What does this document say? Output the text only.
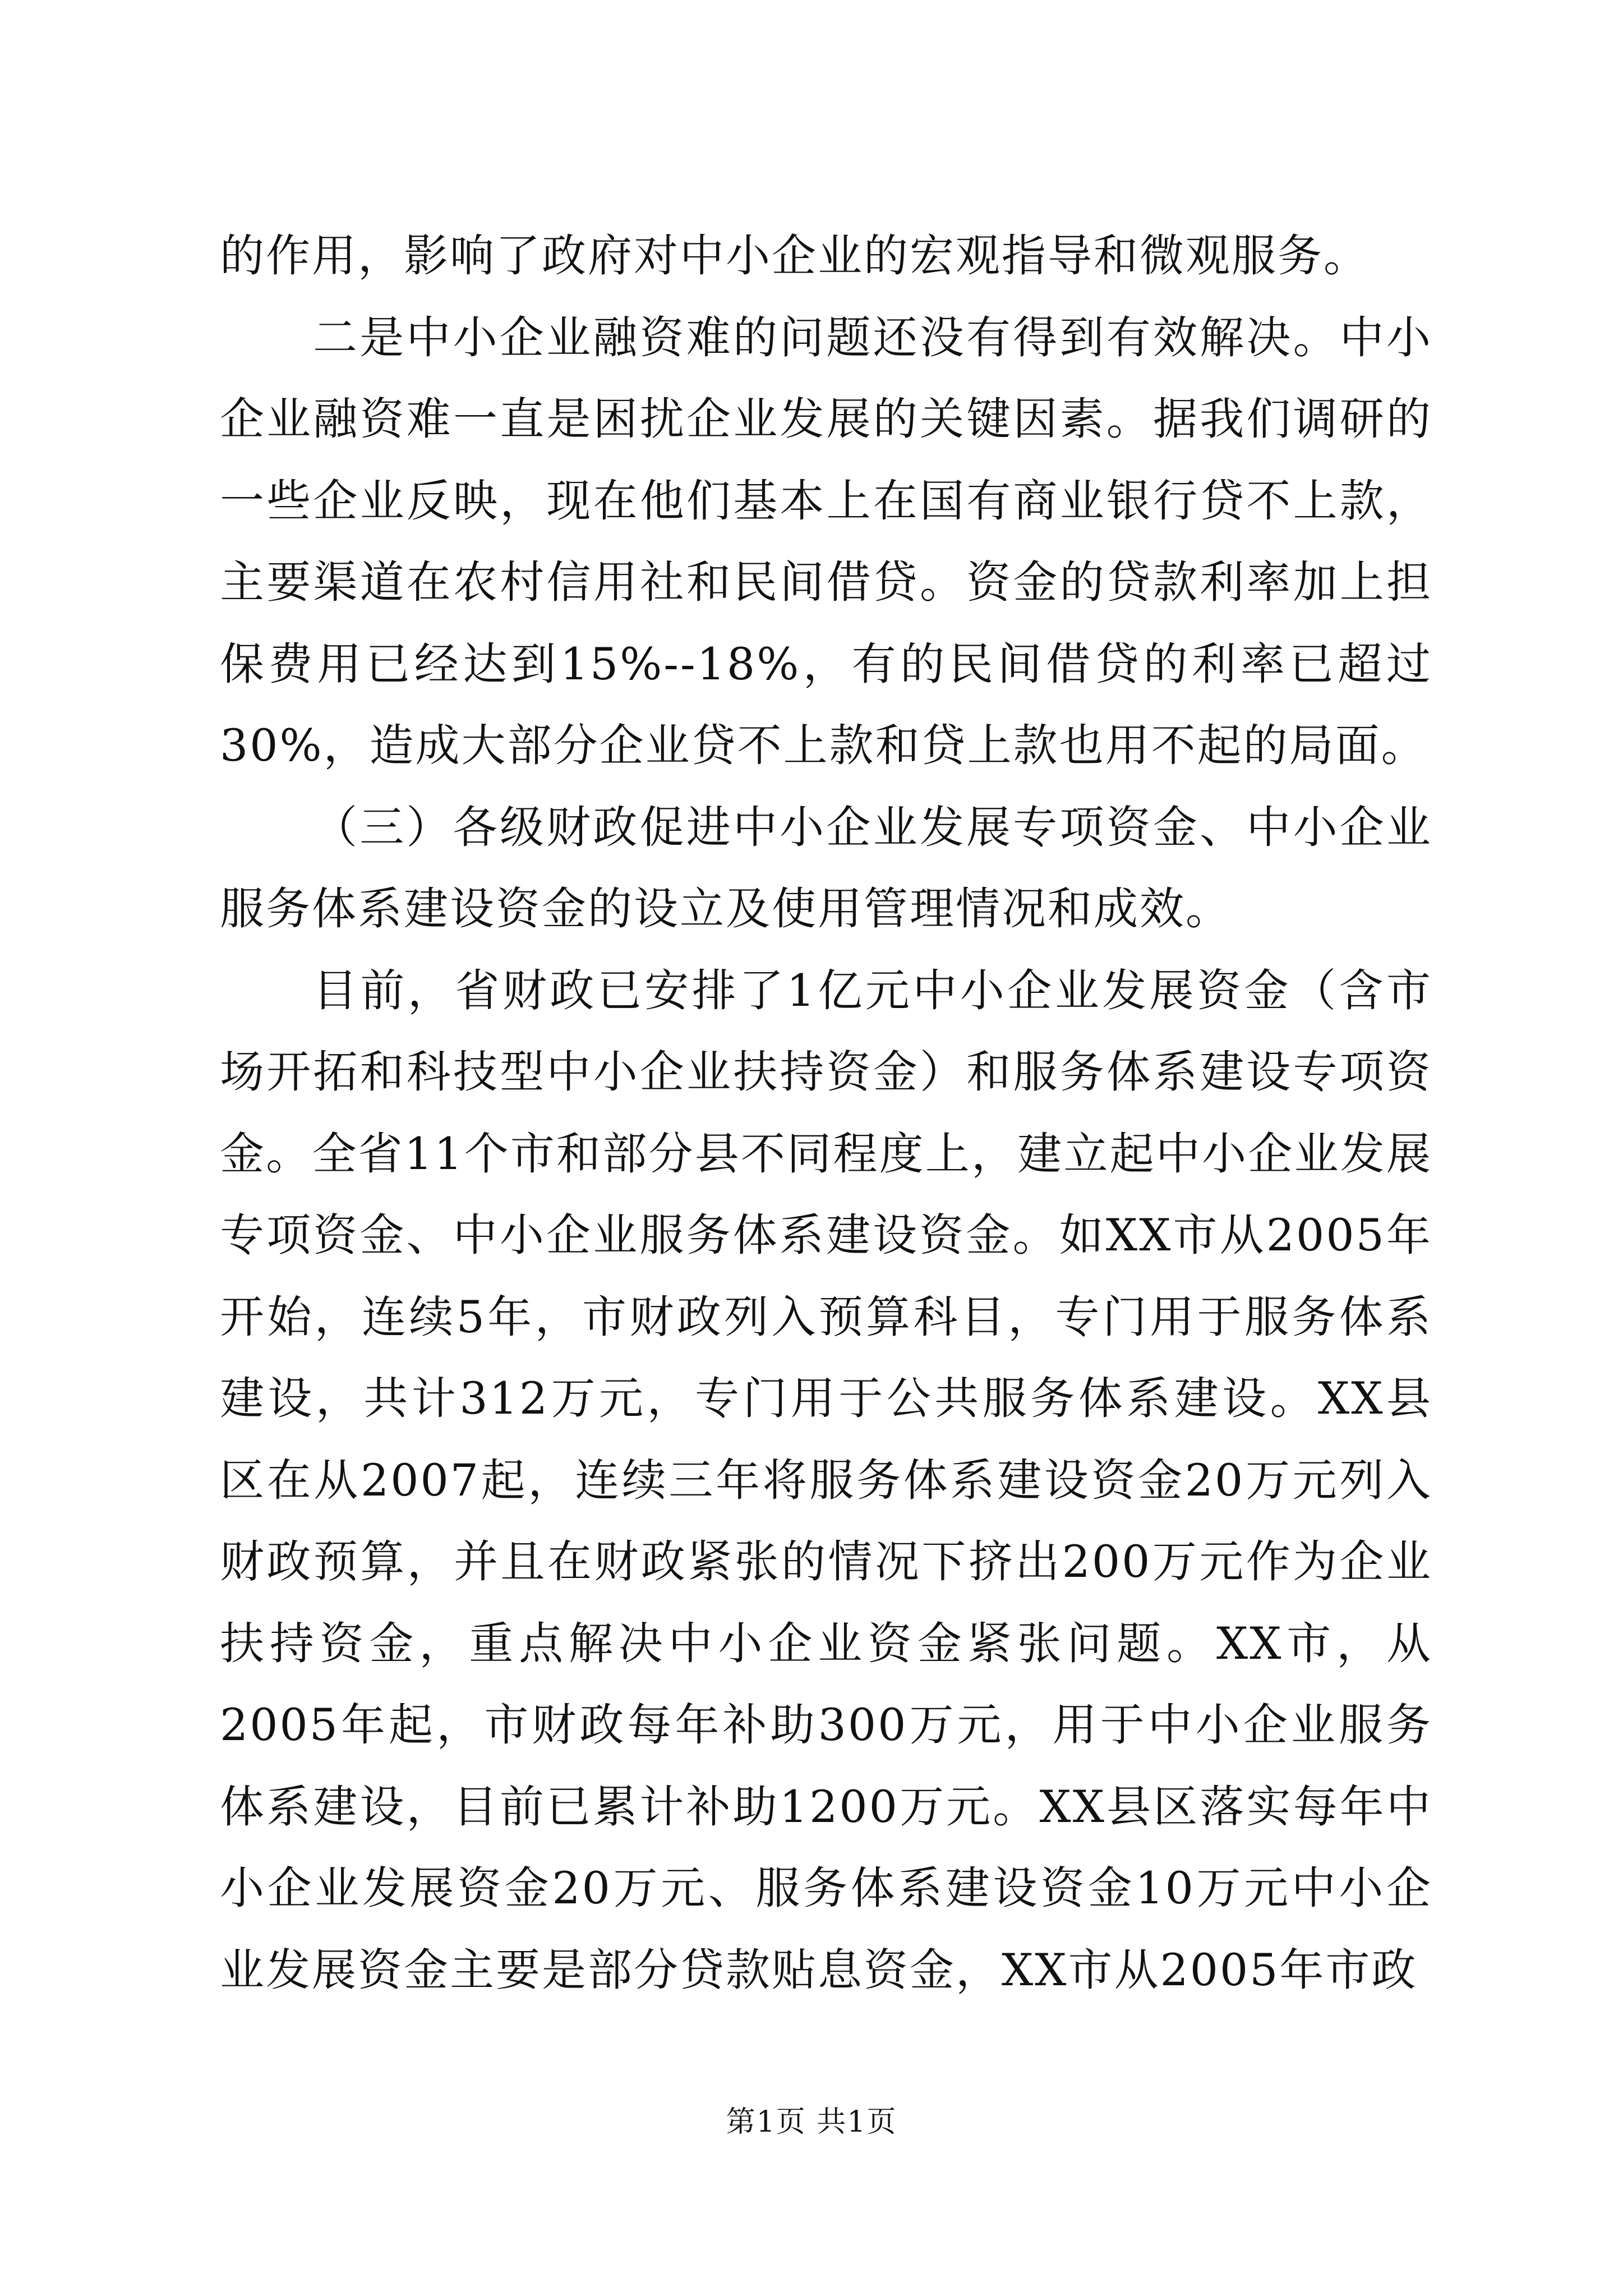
的作用，影响了政府对中小企业的宏观指导和微观服务。

二是中小企业融资难的问题还没有得到有效解决。中小企业融资难一直是困扰企业发展的关键因素。据我们调研的一些企业反映，现在他们基本上在国有商业银行贷不上款，主要渠道在农村信用社和民间借贷。资金的贷款利率加上担保费用已经达到15%--18%，有的民间借贷的利率已超过30%，造成大部分企业贷不上款和贷上款也用不起的局面。

（三）各级财政促进中小企业发展专项资金、中小企业服务体系建设资金的设立及使用管理情况和成效。

目前，省财政已安排了1亿元中小企业发展资金（含市场开拓和科技型中小企业扶持资金）和服务体系建设专项资金。全省11个市和部分县不同程度上，建立起中小企业发展专项资金、中小企业服务体系建设资金。如XX市从2005年开始，连续5年，市财政列入预算科目，专门用于服务体系建设，共计312万元，专门用于公共服务体系建设。XX县区在从2007起，连续三年将服务体系建设资金20万元列入财政预算，并且在财政紧张的情况下挤出200万元作为企业扶持资金，重点解决中小企业资金紧张问题。XX市，从2005年起，市财政每年补助300万元，用于中小企业服务体系建设，目前已累计补助1200万元。XX县区落实每年中小企业发展资金20万元、服务体系建设资金10万元中小企业发展资金主要是部分贷款贴息资金，XX市从2005年市政

第1页 共1页
